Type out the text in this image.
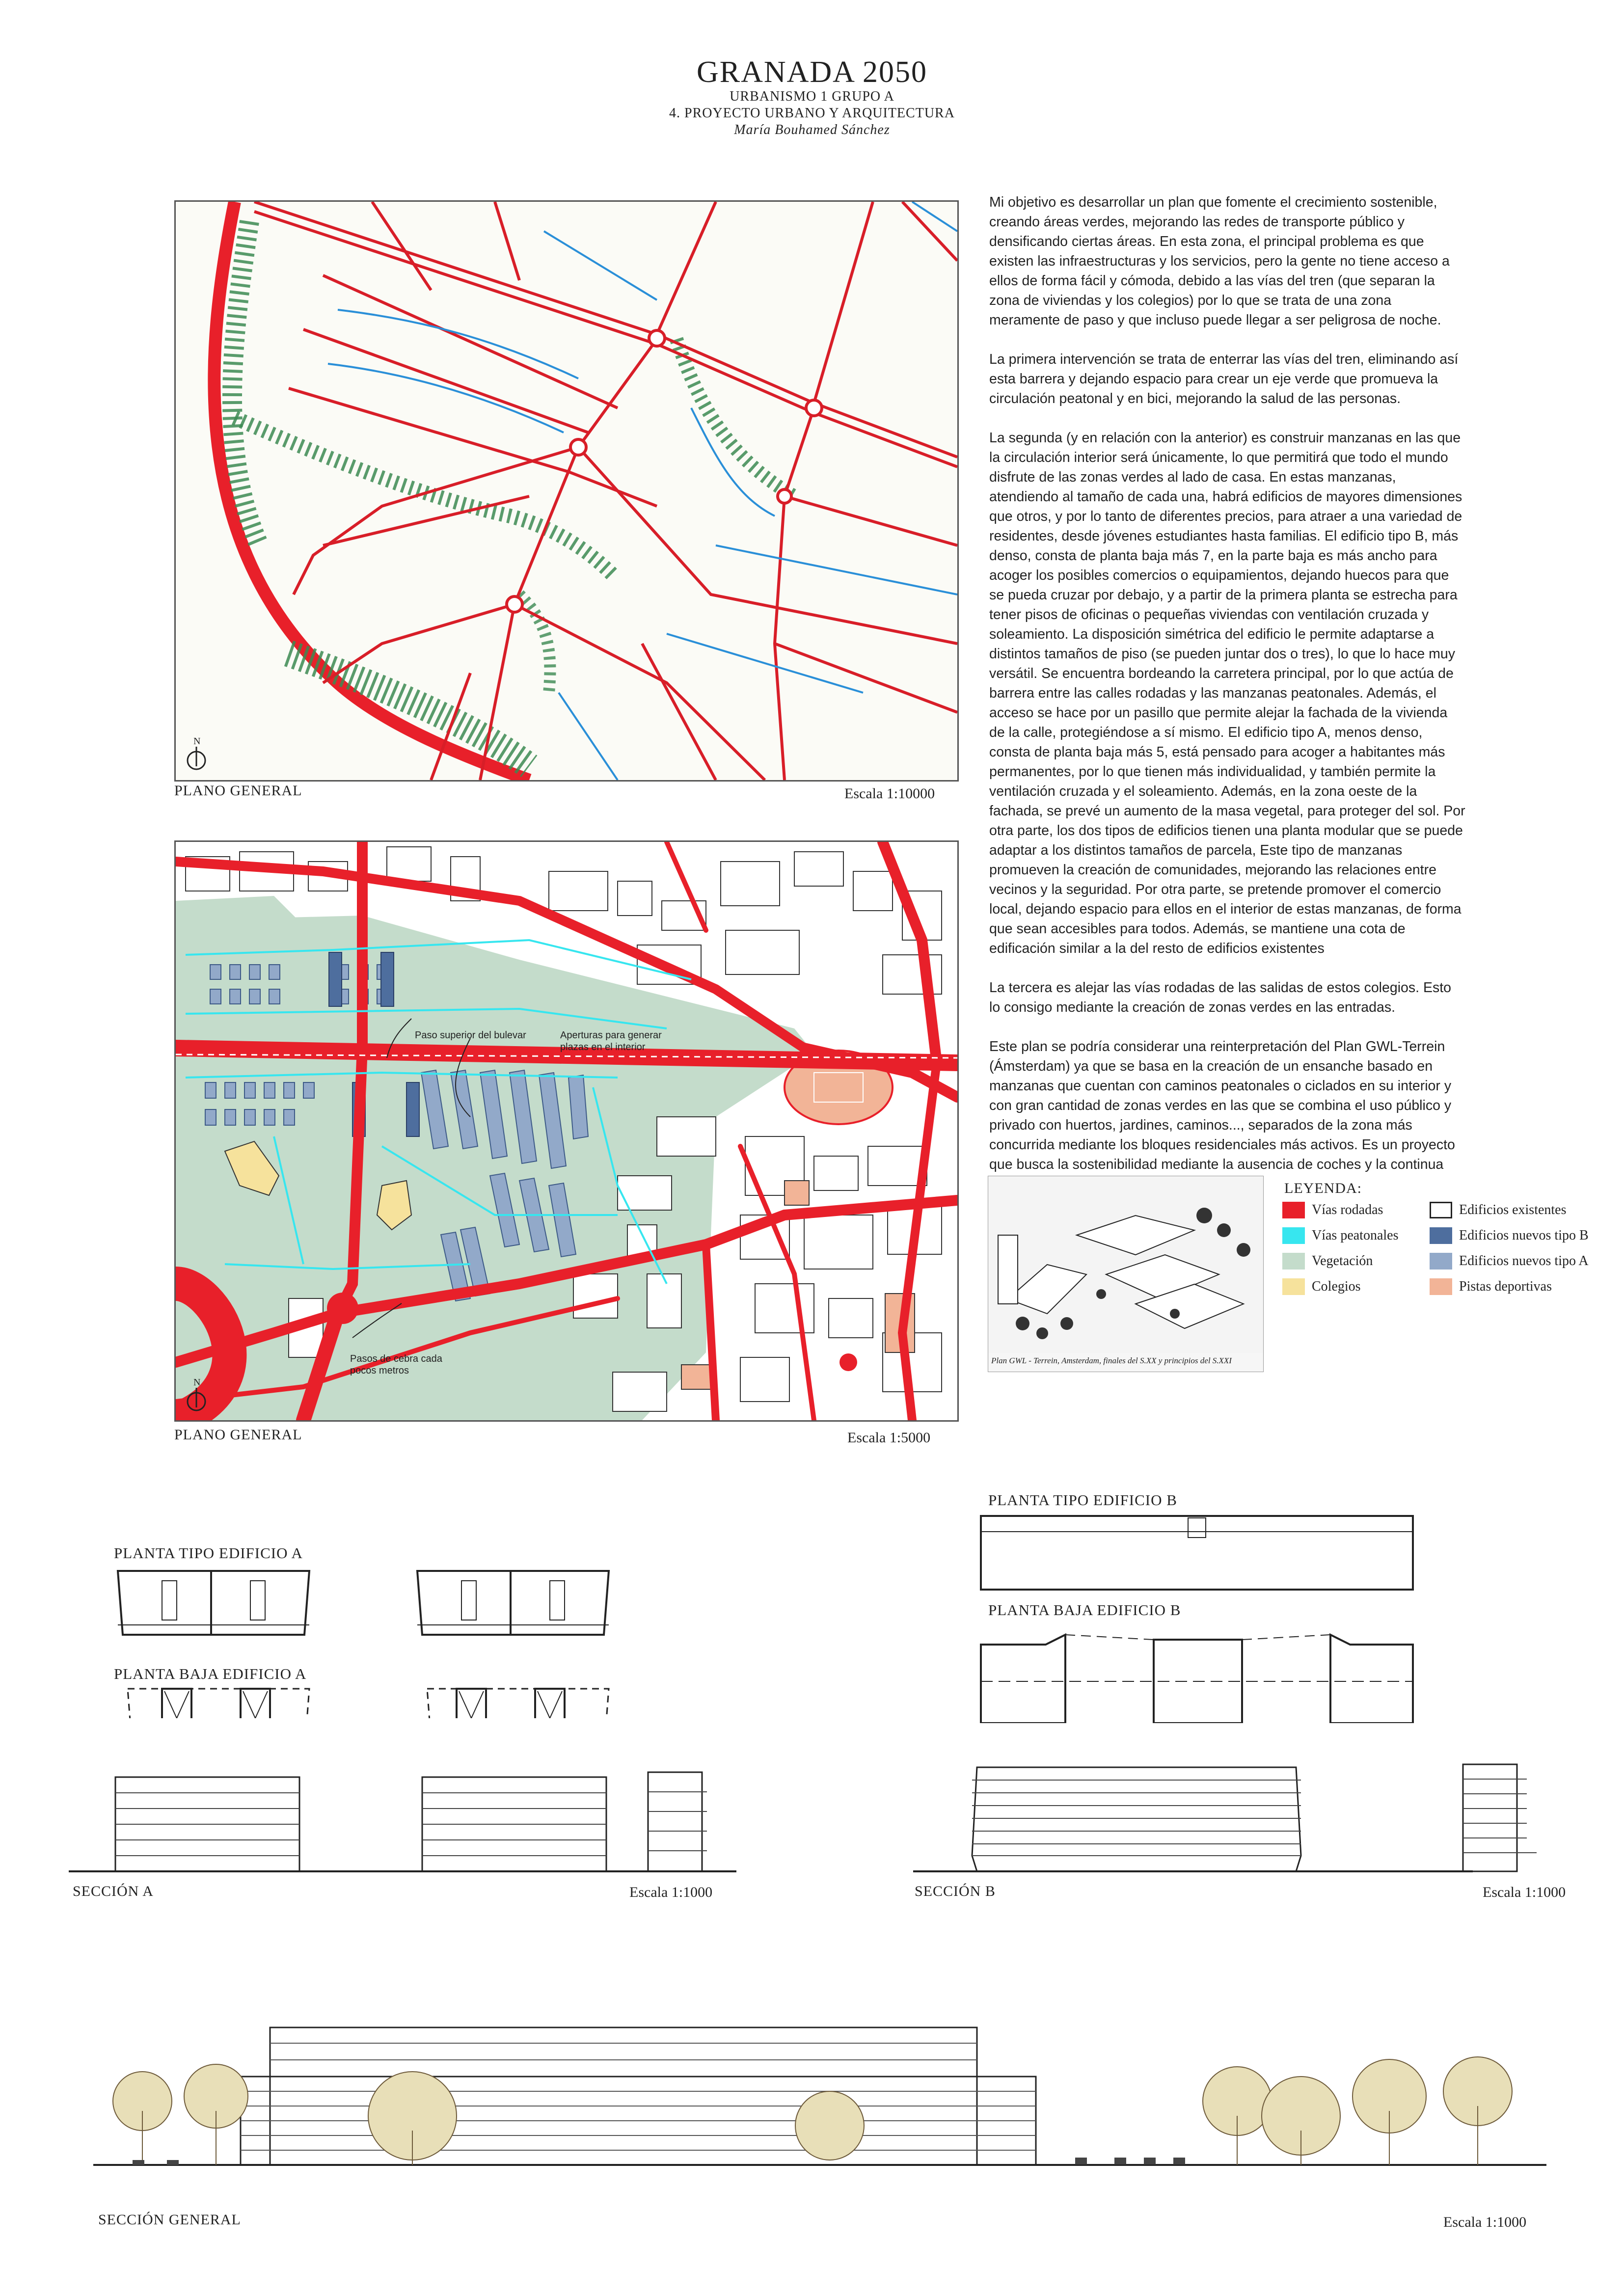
GRANADA 2050
URBANISMO 1 GRUPO A
4. PROYECTO URBANO Y ARQUITECTURA
María Bouhamed Sánchez
N
PLANO GENERAL	Escala 1:10000
Paso superior del bulevar	Aperturas para generar
plazas en el interior
Pasos de cebra cada
pocos metros
N
PLANO GENERAL	Escala 1:5000

Mi objetivo es desarrollar un plan que fomente el crecimiento sostenible, creando áreas verdes, mejorando las redes de transporte público y densificando ciertas áreas. En esta zona, el principal problema es que existen las infraestructuras y los servicios, pero la gente no tiene acceso a ellos de forma fácil y cómoda, debido a las vías del tren (que separan la zona de viviendas y los colegios) por lo que se trata de una zona meramente de paso y que incluso puede llegar a ser peligrosa de noche.

La primera intervención se trata de enterrar las vías del tren, eliminando así esta barrera y dejando espacio para crear un eje verde que promueva la circulación peatonal y en bici, mejorando la salud de las personas.

La segunda (y en relación con la anterior) es construir manzanas en las que la circulación interior será únicamente, lo que permitirá que todo el mundo disfrute de las zonas verdes al lado de casa. En estas manzanas, atendiendo al tamaño de cada una, habrá edificios de mayores dimensiones que otros, y por lo tanto de diferentes precios, para atraer a una variedad de residentes, desde jóvenes estudiantes hasta familias. El edificio tipo B, más denso, consta de planta baja más 7, en la parte baja es más ancho para acoger los posibles comercios o equipamientos, dejando huecos para que se pueda cruzar por debajo, y a partir de la primera planta se estrecha para tener pisos de oficinas o pequeñas viviendas con ventilación cruzada y soleamiento. La disposición simétrica del edificio le permite adaptarse a distintos tamaños de piso (se pueden juntar dos o tres), lo que lo hace muy versátil. Se encuentra bordeando la carretera principal, por lo que actúa de barrera entre las calles rodadas y las manzanas peatonales. Además, el acceso se hace por un pasillo que permite alejar la fachada de la vivienda de la calle, protegiéndose a sí mismo. El edificio tipo A, menos denso, consta de planta baja más 5, está pensado para acoger a habitantes más permanentes, por lo que tienen más individualidad, y también permite la ventilación cruzada y el soleamiento. Además, en la zona oeste de la fachada, se prevé un aumento de la masa vegetal, para proteger del sol. Por otra parte, los dos tipos de edificios tienen una planta modular que se puede adaptar a los distintos tamaños de parcela, Este tipo de manzanas promueven la creación de comunidades, mejorando las relaciones entre vecinos y la seguridad. Por otra parte, se pretende promover el comercio local, dejando espacio para ellos en el interior de estas manzanas, de forma que sean accesibles para todos. Además, se mantiene una cota de edificación similar a la del resto de edificios existentes

La tercera es alejar las vías rodadas de las salidas de estos colegios. Esto lo consigo mediante la creación de zonas verdes en las entradas.

Este plan se podría considerar una reinterpretación del Plan GWL-Terrein (Ámsterdam) ya que se basa en la creación de un ensanche basado en manzanas que cuentan con caminos peatonales o ciclados en su interior y con gran cantidad de zonas verdes en las que se combina el uso público y privado con huertos, jardines, caminos..., separados de la zona más concurrida mediante los bloques residenciales más activos. Es un proyecto que busca la sostenibilidad mediante la ausencia de coches y la continua

Plan GWL - Terrein, Amsterdam, finales del S.XX y principios del S.XXI
LEYENDA:
Vías rodadas
Vías peatonales
Vegetación
Colegios
Edificios existentes
Edificios nuevos tipo B
Edificios nuevos tipo A
Pistas deportivas
PLANTA TIPO EDIFICIO A
PLANTA BAJA EDIFICIO A
PLANTA TIPO EDIFICIO B
PLANTA BAJA EDIFICIO B
SECCIÓN A	Escala 1:1000	SECCIÓN B	Escala 1:1000
SECCIÓN GENERAL	Escala 1:1000
